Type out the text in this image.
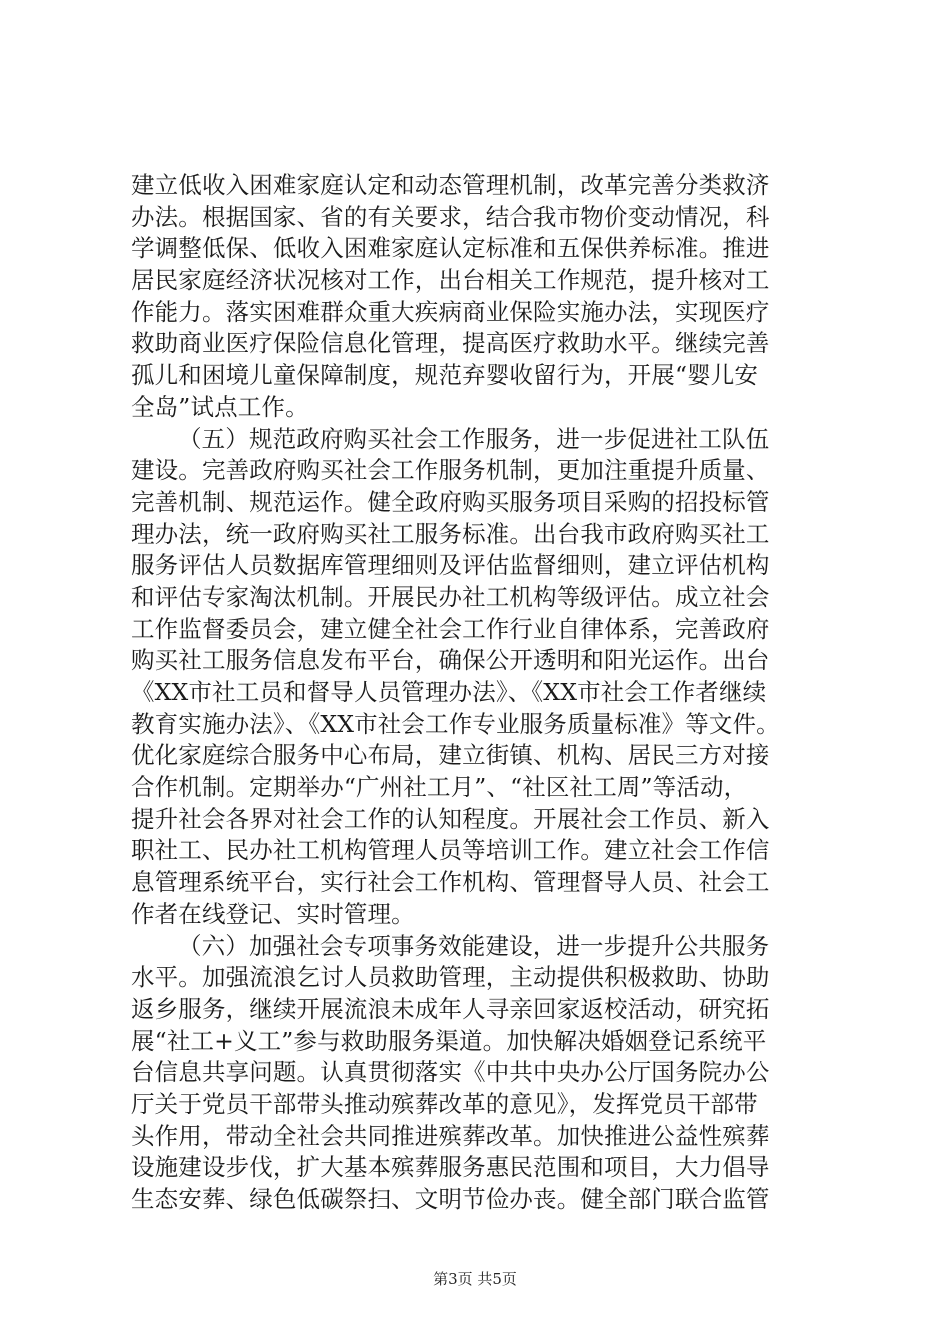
建立低收入困难家庭认定和动态管理机制，改革完善分类救济
办法。根据国家、省的有关要求，结合我市物价变动情况，科
学调整低保、低收入困难家庭认定标准和五保供养标准。推进
居民家庭经济状况核对工作，出台相关工作规范，提升核对工
作能力。落实困难群众重大疾病商业保险实施办法，实现医疗
救助商业医疗保险信息化管理，提高医疗救助水平。继续完善
孤儿和困境儿童保障制度，规范弃婴收留行为，开展“婴儿安
全岛”试点工作。
（五）规范政府购买社会工作服务，进一步促进社工队伍
建设。完善政府购买社会工作服务机制，更加注重提升质量、
完善机制、规范运作。健全政府购买服务项目采购的招投标管
理办法，统一政府购买社工服务标准。出台我市政府购买社工
服务评估人员数据库管理细则及评估监督细则，建立评估机构
和评估专家淘汰机制。开展民办社工机构等级评估。成立社会
工作监督委员会，建立健全社会工作行业自律体系，完善政府
购买社工服务信息发布平台，确保公开透明和阳光运作。出台
《XX市社工员和督导人员管理办法》、《XX市社会工作者继续
教育实施办法》、《XX市社会工作专业服务质量标准》等文件。
优化家庭综合服务中心布局，建立街镇、机构、居民三方对接
合作机制。定期举办“广州社工月”、“社区社工周”等活动，
提升社会各界对社会工作的认知程度。开展社会工作员、新入
职社工、民办社工机构管理人员等培训工作。建立社会工作信
息管理系统平台，实行社会工作机构、管理督导人员、社会工
作者在线登记、实时管理。
（六）加强社会专项事务效能建设，进一步提升公共服务
水平。加强流浪乞讨人员救助管理，主动提供积极救助、协助
返乡服务，继续开展流浪未成年人寻亲回家返校活动，研究拓
展“社工+义工”参与救助服务渠道。加快解决婚姻登记系统平
台信息共享问题。认真贯彻落实《中共中央办公厅国务院办公
厅关于党员干部带头推动殡葬改革的意见》，发挥党员干部带
头作用，带动全社会共同推进殡葬改革。加快推进公益性殡葬
设施建设步伐，扩大基本殡葬服务惠民范围和项目，大力倡导
生态安葬、绿色低碳祭扫、文明节俭办丧。健全部门联合监管
第3页 共5页
